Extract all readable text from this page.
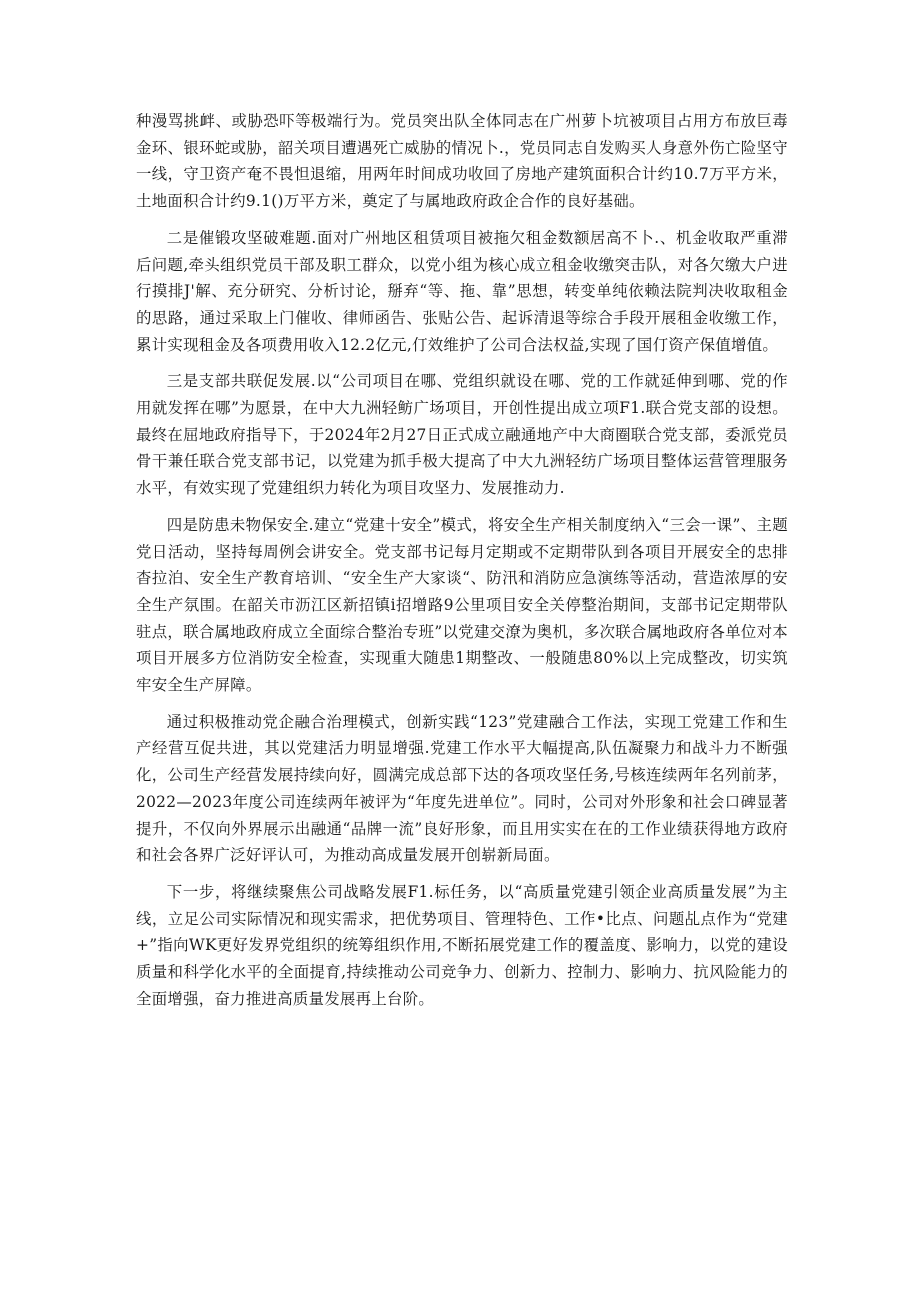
种漫骂挑衅、或胁恐吓等极端行为。党员突出队全体同志在广州萝卜坑被项目占用方布放巨毒金环、银环蛇或胁，韶关项目遭遇死亡威胁的情况卜.，党员同志自发购买人身意外伤亡险坚守一线，守卫资产奄不畏怛退缩，用两年时间成功收回了房地产建筑面积合计约10.7万平方米，土地面积合计约9.1()万平方米，奠定了与属地政府政企合作的良好基础。

二是催锻攻坚破难题.面对广州地区租赁项目被拖欠租金数额居高不卜.、机金收取严重滞后问题,牵头组织党员干部及职工群众，以党小组为核心成立租金收缴突击队，对各欠缴大户进行摸排J'解、充分研究、分析讨论，掰弃“等、拖、靠”思想，转变单纯依赖法院判决收取租金的思路，通过采取上门催收、律师函告、张贴公告、起诉清退等综合手段开展租金收缴工作，累计实现租金及各项费用收入12.2亿元,仃效维护了公司合法权益,实现了国仃资产保值增值。

三是支部共联促发展.以“公司项目在哪、党组织就设在哪、党的工作就延伸到哪、党的作用就发挥在哪”为愿景，在中大九洲轻鲂广场项目，开创性提出成立项F1.联合党支部的设想。最终在屈地政府指导下，于2024年2月27日正式成立融通地产中大商圈联合党支部，委派党员骨干兼任联合党支部书记，以党建为抓手极大提高了中大九洲轻纺广场项目整体运营管理服务水平，有效实现了党建组织力转化为项目攻坚力、发展推动力.

四是防患未物保安全.建立“党建十安全”模式，将安全生产相关制度纳入“三会一课”、主题党日活动，坚持每周例会讲安全。党支部书记每月定期或不定期带队到各项目开展安全的忠排杳拉泊、安全生产教育培训、“安全生产大家谈“、防汛和消防应急演练等活动，营造浓厚的安全生产氛围。在韶关市沥江区新招镇i招增路9公里项目安全关停整治期间，支部书记定期带队驻点，联合属地政府成立全面综合整治专班”以党建交潦为奥机，多次联合属地政府各单位对本项目开展多方位消防安全检查，实现重大随患1期整改、一般随患80%以上完成整改，切实筑牢安全生产屏障。

通过积极推动党企融合治理模式，创新实践“123”党建融合工作法，实现工党建工作和生产经营互促共进，其以党建活力明显增强.党建工作水平大幅提高,队伍凝聚力和战斗力不断强化，公司生产经营发展持续向好，圆满完成总部下达的各项攻坚任务,号核连续两年名列前茅，2022—2023年度公司连续两年被评为“年度先进单位”。同时，公司对外形象和社会口碑显著提升，不仅向外界展示出融通“品牌一流”良好形象，而且用实实在在的工作业绩获得地方政府和社会各界广泛好评认可，为推动高成量发展开创崭新局面。

下一步，将继续聚焦公司战略发展F1.标任务，以“高质量党建引领企业高质量发展”为主线，立足公司实际情况和现实需求，把优势项目、管理特色、工作•比点、问题乩点作为“党建+”指向WK更好发界党组织的统筹组织作用,不断拓展党建工作的覆盖度、影响力，以党的建设质量和科学化水平的全面提育,持续推动公司竞争力、创新力、控制力、影响力、抗风险能力的全面增强，奋力推进高质量发展再上台阶。
